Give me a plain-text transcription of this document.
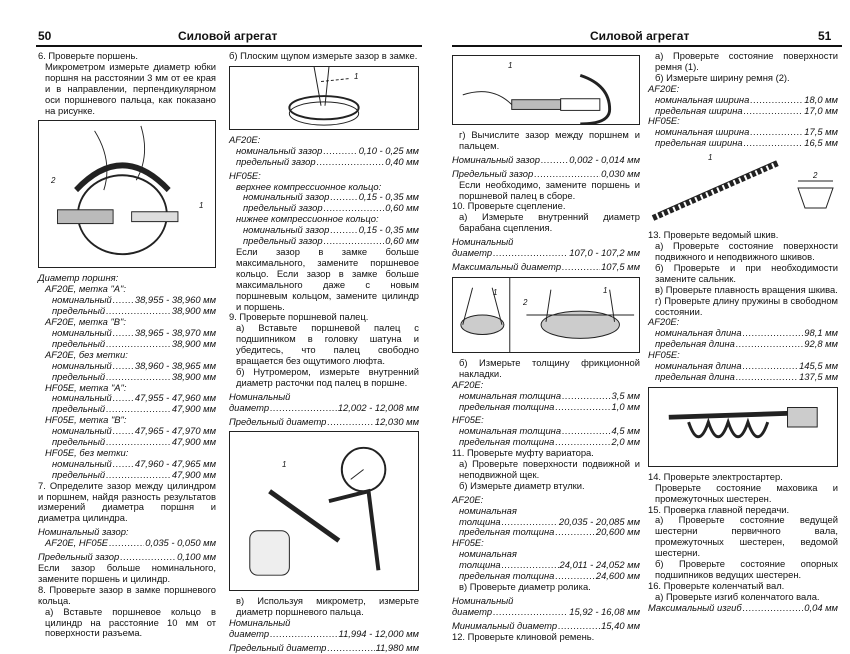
50	Силовой агрегат
6. Проверьте поршень.
Микрометром измерьте диаметр юбки поршня на расстоянии 3 мм от ее края и в направлении, перпендикулярном оси поршневого пальца, как показано на рисунке.
2
1
Диаметр поршня:
AF20E, метка "A":
номинальный ..... 38,955 - 38,960 мм
предельный .....	38,900 мм
AF20E, метка "B":
номинальный ..... 38,965 - 38,970 мм
предельный .....	38,900 мм
AF20E, без метки:
номинальный ..... 38,960 - 38,965 мм
предельный .....	38,900 мм
HF05E, метка "A":
номинальный ..... 47,955 - 47,960 мм
предельный .....	47,900 мм
HF05E, метка "B":
номинальный ..... 47,965 - 47,970 мм
предельный .....	47,900 мм
HF05E, без метки:
номинальный ..... 47,960 - 47,965 мм
предельный .....	47,900 мм
7. Определите зазор между цилиндром и поршнем, найдя разность результатов измерений диаметра поршня и диаметра цилиндра.
Номинальный зазор:
AF20E, HF05E .....	0,035 - 0,050 мм
Предельный зазор .....	0,100 мм
Если зазор больше номинального, замените поршень и цилиндр.
8. Проверьте зазор в замке поршневого кольца.
а) Вставьте поршневое кольцо в цилиндр на расстояние 10 мм от поверхности разъема.
б) Плоским щупом измерьте зазор в замке.
1
AF20E:
номинальный зазор .....	0,10 - 0,25 мм
предельный зазор .....	0,40 мм
HF05E:
верхнее компрессионное кольцо:
номинальный зазор .....	0,15 - 0,35 мм
предельный зазор .....	0,60 мм
нижнее компрессионное кольцо:
номинальный зазор .....	0,15 - 0,35 мм
предельный зазор .....	0,60 мм
Если зазор в замке больше максимального, замените поршневое кольцо. Если зазор в замке больше максимального даже с новым поршневым кольцом, замените цилиндр и поршень.
9. Проверьте поршневой палец.
а) Вставьте поршневой палец с подшипником в головку шатуна и убедитесь, что палец свободно вращается без ощутимого люфта.
б) Нутромером, измерьте внутренний диаметр расточки под палец в поршне.
Номинальный
диаметр .....	12,002 - 12,008 мм
Предельный диаметр .....	12,030 мм
1
в) Используя микрометр, измерьте диаметр поршневого пальца.
Номинальный
диаметр .....	11,994 - 12,000 мм
Предельный диаметр .....	11,980 мм
Силовой агрегат	51
1
г) Вычислите зазор между поршнем и пальцем.
Номинальный зазор .....	0,002 - 0,014 мм
Предельный зазор .....	0,030 мм
Если необходимо, замените поршень и поршневой палец в сборе.
10. Проверьте сцепление.
а) Измерьте внутренний диаметр барабана сцепления.
Номинальный
диаметр .....	107,0 - 107,2 мм
Максимальный диаметр .....	107,5 мм
1
2
1
б) Измерьте толщину фрикционной накладки.
AF20E:
номинальная толщина .....	3,5 мм
предельная толщина .....	1,0 мм
HF05E:
номинальная толщина .....	4,5 мм
предельная толщина .....	2,0 мм
11. Проверьте муфту вариатора.
а) Проверьте поверхности подвижной и неподвижной щек.
б) Измерьте диаметр втулки.
AF20E:
номинальная
толщина .....	20,035 - 20,085 мм
предельная толщина .....	20,600 мм
HF05E:
номинальная
толщина .....	24,011 - 24,052 мм
предельная толщина .....	24,600 мм
в) Проверьте диаметр ролика.
Номинальный
диаметр .....	15,92 - 16,08 мм
Минимальный диаметр .....	15,40 мм
12. Проверьте клиновой ремень.
а) Проверьте состояние поверхности ремня (1).
б) Измерьте ширину ремня (2).
AF20E:
номинальная ширина .....	18,0 мм
предельная ширина .....	17,0 мм
HF05E:
номинальная ширина .....	17,5 мм
предельная ширина .....	16,5 мм
1
2
13. Проверьте ведомый шкив.
а) Проверьте состояние поверхности подвижного и неподвижного шкивов.
б) Проверьте и при необходимости замените сальник.
в) Проверьте плавность вращения шкива.
г) Проверьте длину пружины в свободном состоянии.
AF20E:
номинальная длина .....	98,1 мм
предельная длина .....	92,8 мм
HF05E:
номинальная длина .....	145,5 мм
предельная длина .....	137,5 мм
14. Проверьте электростартер.
Проверьте состояние маховика и промежуточных шестерен.
15. Проверка главной передачи.
а) Проверьте состояние ведущей шестерни первичного вала, промежуточных шестерен, ведомой шестерни.
б) Проверьте состояние опорных подшипников ведущих шестерен.
16. Проверьте коленчатый вал.
а) Проверьте изгиб коленчатого вала.
Максимальный изгиб .....	0,04 мм
